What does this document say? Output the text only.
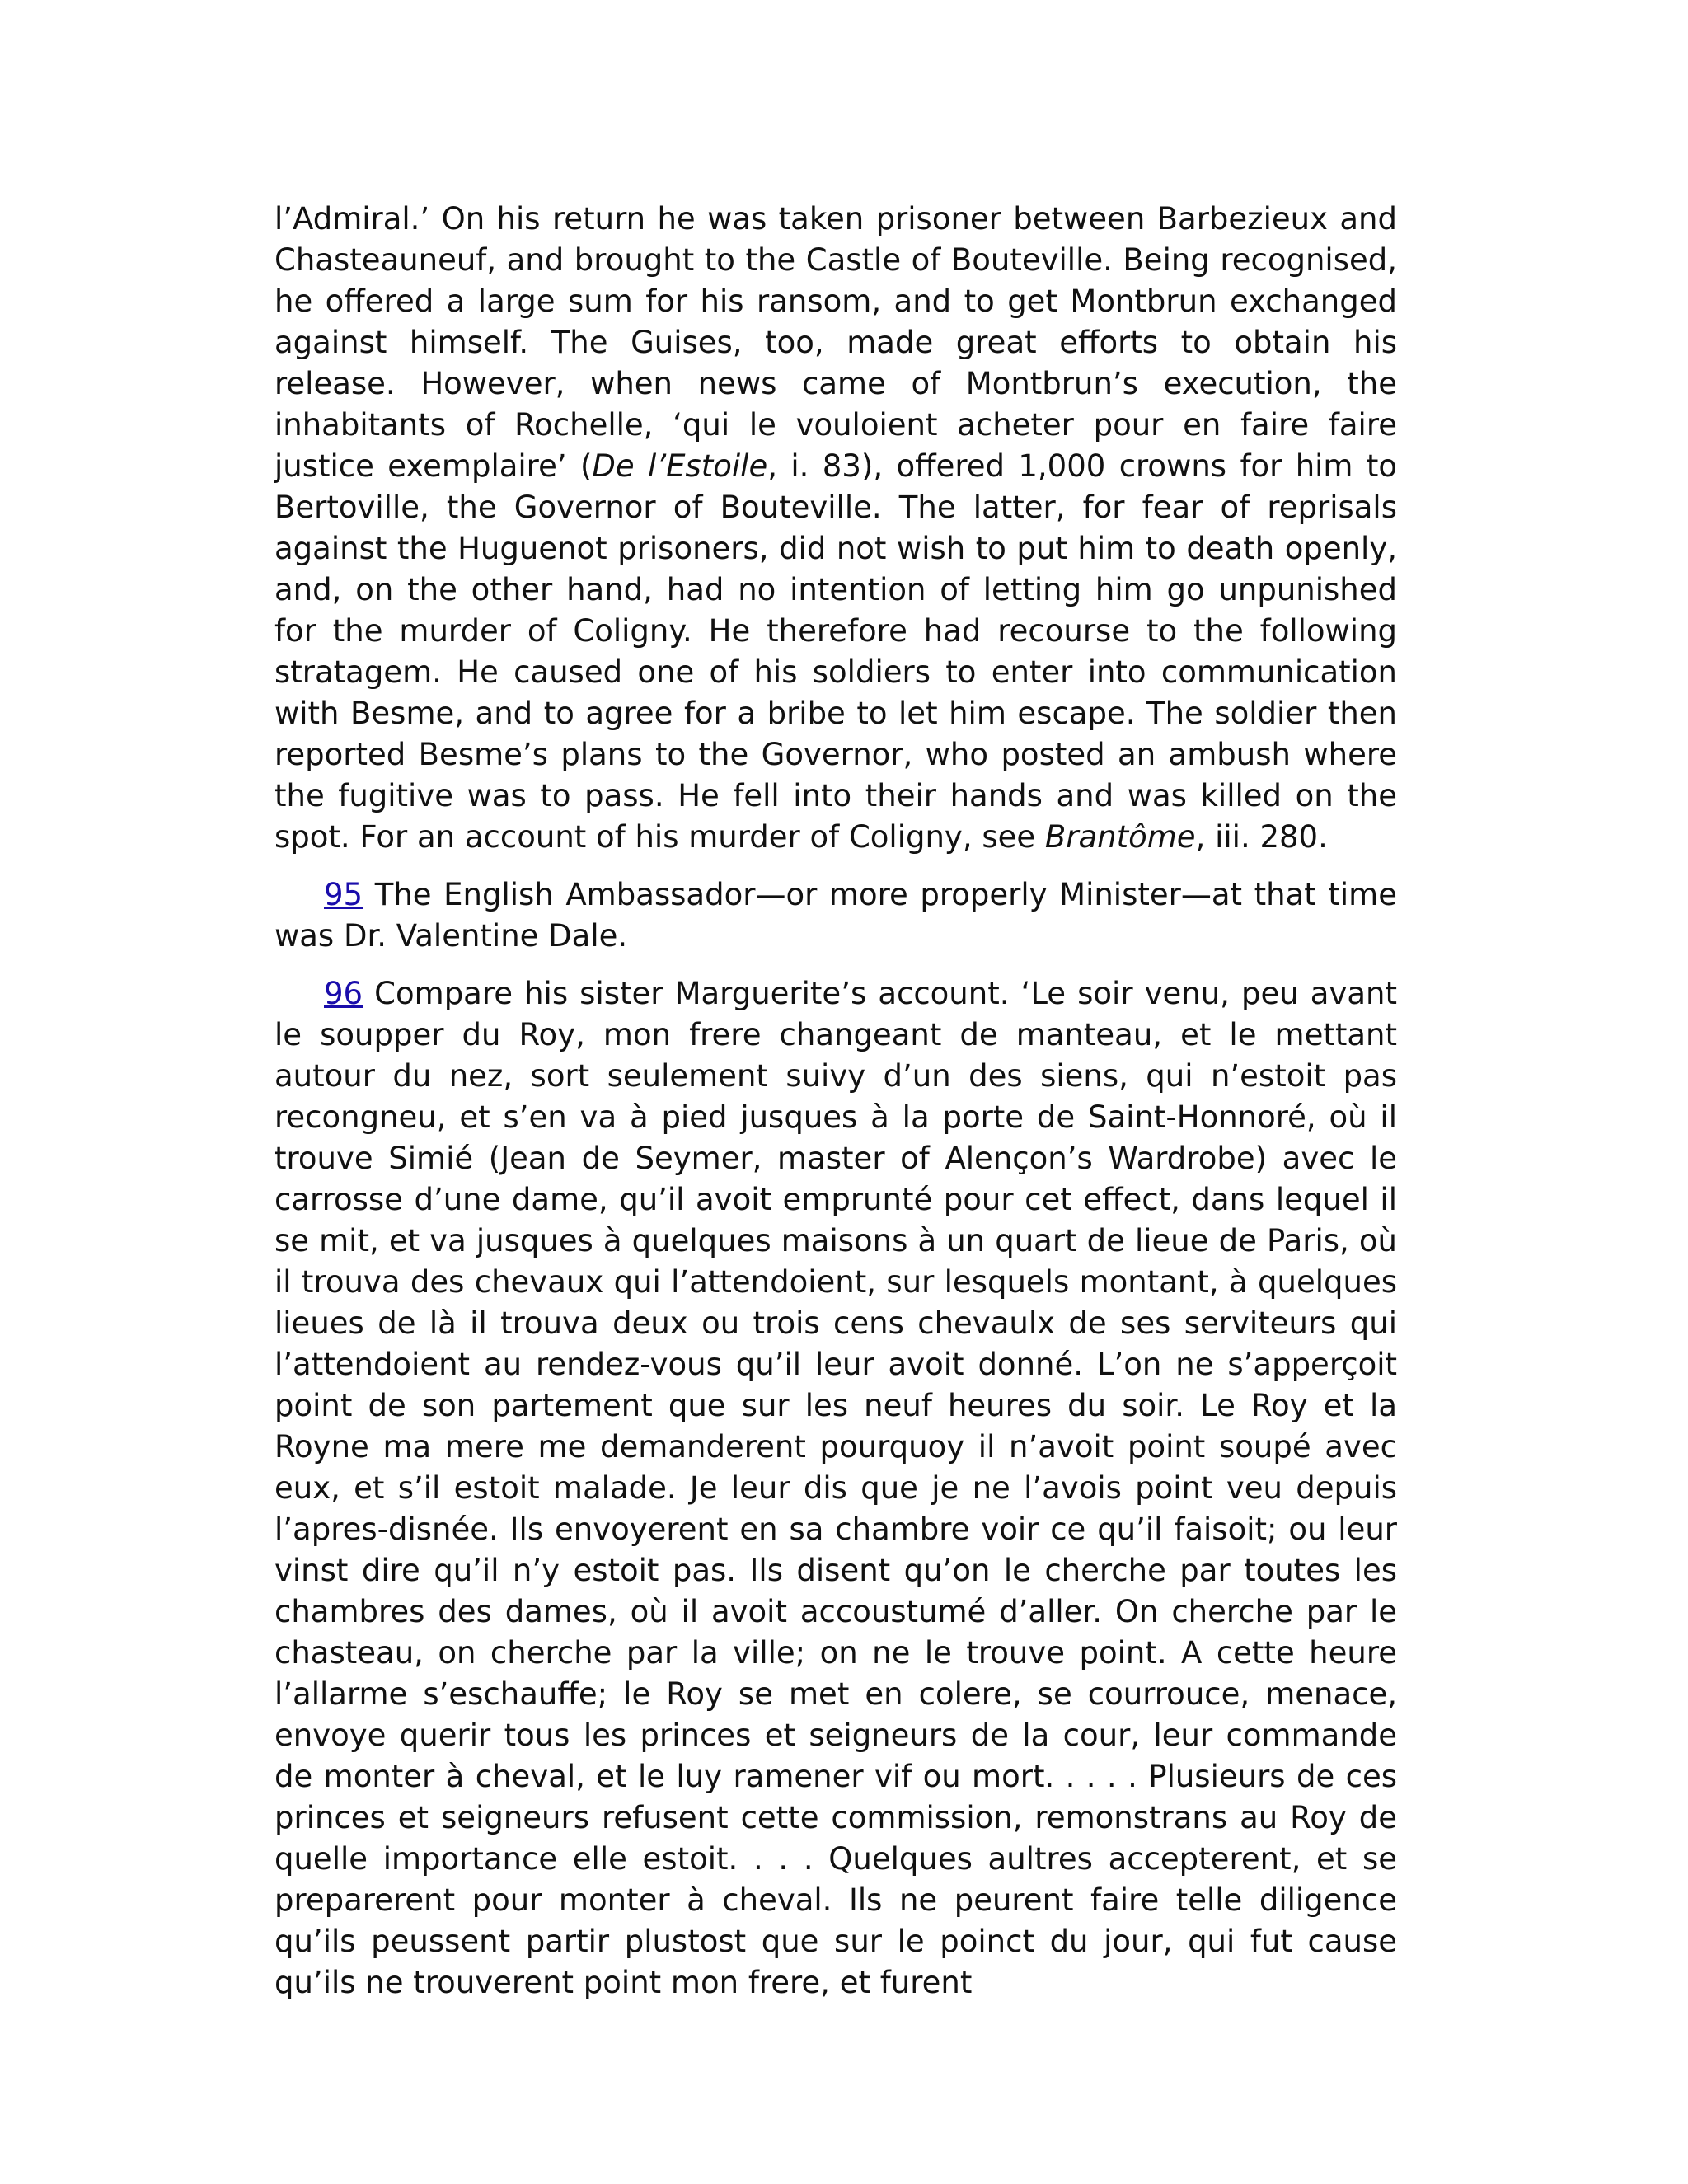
l’Admiral.’ On his return he was taken prisoner between Barbezieux and Chasteauneuf, and brought to the Castle of Bouteville. Being recognised, he offered a large sum for his ransom, and to get Montbrun exchanged against himself. The Guises, too, made great efforts to obtain his release. However, when news came of Montbrun’s execution, the inhabitants of Rochelle, ‘qui le vouloient acheter pour en faire faire justice exemplaire’ (De l’Estoile, i. 83), offered 1,000 crowns for him to Bertoville, the Governor of Bouteville. The latter, for fear of reprisals against the Huguenot prisoners, did not wish to put him to death openly, and, on the other hand, had no intention of letting him go unpunished for the murder of Coligny. He therefore had recourse to the following stratagem. He caused one of his soldiers to enter into communication with Besme, and to agree for a bribe to let him escape. The soldier then reported Besme’s plans to the Governor, who posted an ambush where the fugitive was to pass. He fell into their hands and was killed on the spot. For an account of his murder of Coligny, see Brantôme, iii. 280.

95 The English Ambassador—or more properly Minister—at that time was Dr. Valentine Dale.

96 Compare his sister Marguerite’s account. ‘Le soir venu, peu avant le soupper du Roy, mon frere changeant de manteau, et le mettant autour du nez, sort seulement suivy d’un des siens, qui n’estoit pas recongneu, et s’en va à pied jusques à la porte de Saint-Honnoré, où il trouve Simié (Jean de Seymer, master of Alençon’s Wardrobe) avec le carrosse d’une dame, qu’il avoit emprunté pour cet effect, dans lequel il se mit, et va jusques à quelques maisons à un quart de lieue de Paris, où il trouva des chevaux qui l’attendoient, sur lesquels montant, à quelques lieues de là il trouva deux ou trois cens chevaulx de ses serviteurs qui l’attendoient au rendez-vous qu’il leur avoit donné. L’on ne s’apperçoit point de son partement que sur les neuf heures du soir. Le Roy et la Royne ma mere me demanderent pourquoy il n’avoit point soupé avec eux, et s’il estoit malade. Je leur dis que je ne l’avois point veu depuis l’apres-disnée. Ils envoyerent en sa chambre voir ce qu’il faisoit; ou leur vinst dire qu’il n’y estoit pas. Ils disent qu’on le cherche par toutes les chambres des dames, où il avoit accoustumé d’aller. On cherche par le chasteau, on cherche par la ville; on ne le trouve point. A cette heure l’allarme s’eschauffe; le Roy se met en colere, se courrouce, menace, envoye querir tous les princes et seigneurs de la cour, leur commande de monter à cheval, et le luy ramener vif ou mort. . . . . Plusieurs de ces princes et seigneurs refusent cette commission, remonstrans au Roy de quelle importance elle estoit. . . . Quelques aultres accepterent, et se preparerent pour monter à cheval. Ils ne peurent faire telle diligence qu’ils peussent partir plustost que sur le poinct du jour, qui fut cause qu’ils ne trouverent point mon frere, et furent
